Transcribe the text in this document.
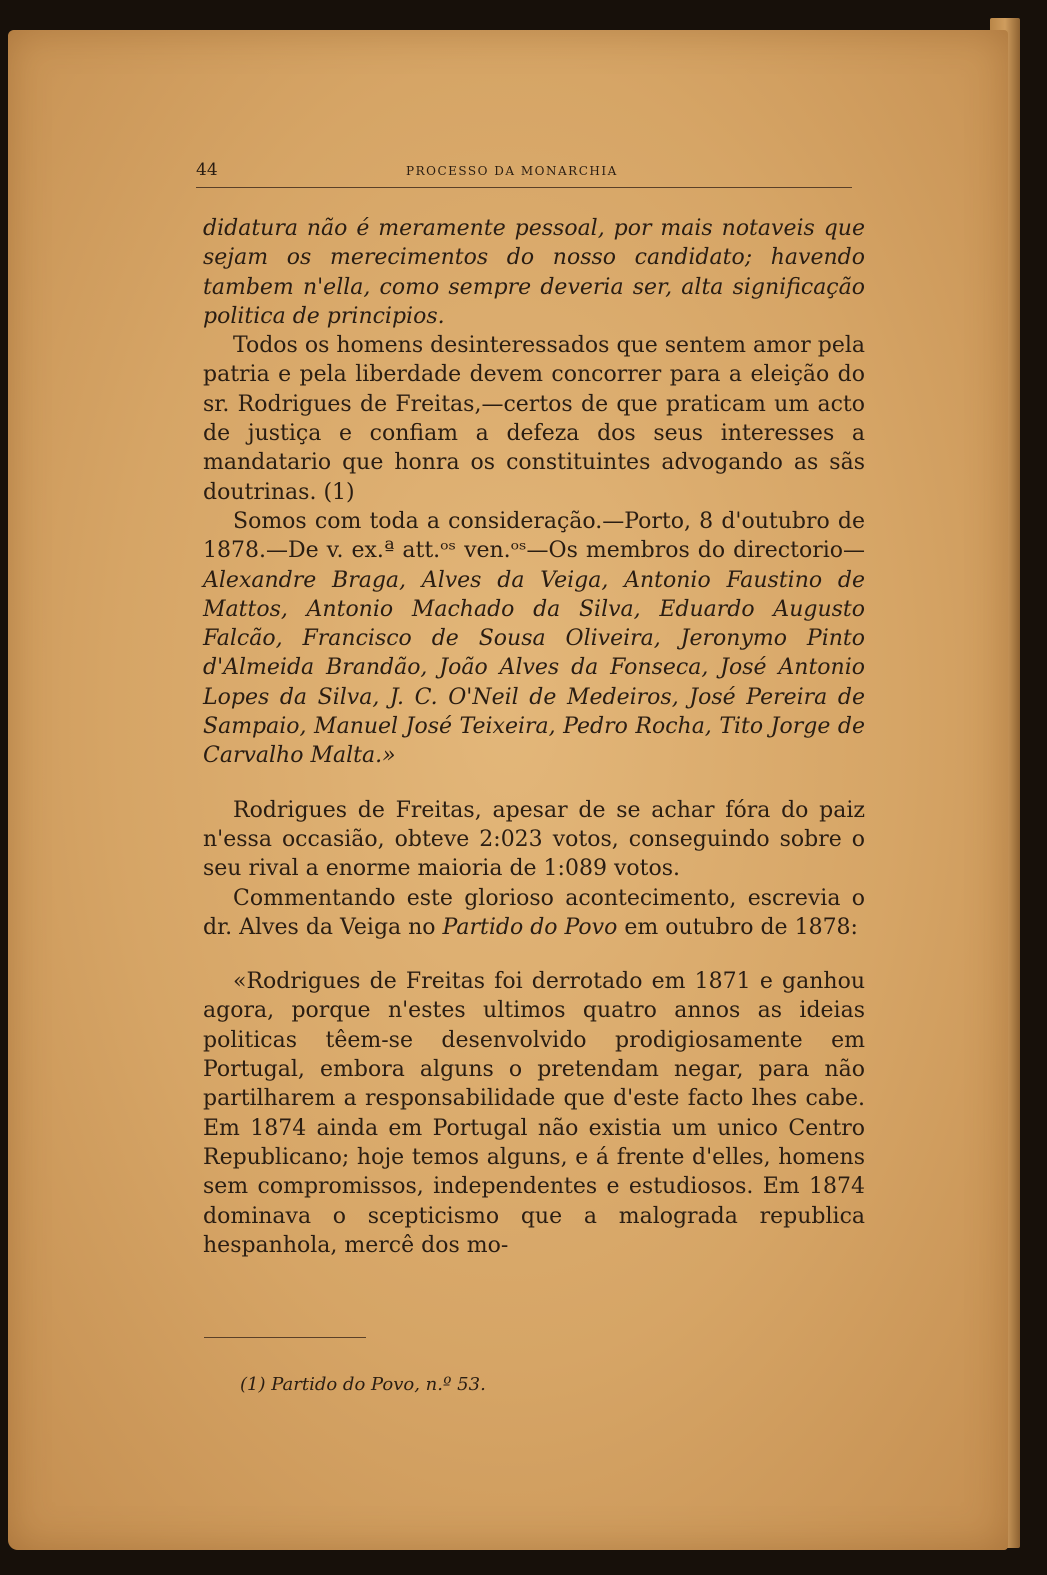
44	PROCESSO DA MONARCHIA

didatura não é meramente pessoal, por mais notaveis que sejam os merecimentos do nosso candidato; havendo tambem n'ella, como sempre deveria ser, alta significação politica de principios.

Todos os homens desinteressados que sentem amor pela patria e pela liberdade devem concorrer para a eleição do sr. Rodrigues de Freitas,—certos de que praticam um acto de justiça e confiam a defeza dos seus interesses a mandatario que honra os constituintes advogando as sãs doutrinas. (1)

Somos com toda a consideração.—Porto, 8 d'outubro de 1878.—De v. ex.ª att.ᵒˢ ven.ᵒˢ—Os membros do directorio—Alexandre Braga, Alves da Veiga, Antonio Faustino de Mattos, Antonio Machado da Silva, Eduardo Augusto Falcão, Francisco de Sousa Oliveira, Jeronymo Pinto d'Almeida Brandão, João Alves da Fonseca, José Antonio Lopes da Silva, J. C. O'Neil de Medeiros, José Pereira de Sampaio, Manuel José Teixeira, Pedro Rocha, Tito Jorge de Carvalho Malta.»

Rodrigues de Freitas, apesar de se achar fóra do paiz n'essa occasião, obteve 2:023 votos, conseguindo sobre o seu rival a enorme maioria de 1:089 votos.

Commentando este glorioso acontecimento, escrevia o dr. Alves da Veiga no Partido do Povo em outubro de 1878:

«Rodrigues de Freitas foi derrotado em 1871 e ganhou agora, porque n'estes ultimos quatro annos as ideias politicas têem-se desenvolvido prodigiosamente em Portugal, embora alguns o pretendam negar, para não partilharem a responsabilidade que d'este facto lhes cabe. Em 1874 ainda em Portugal não existia um unico Centro Republicano; hoje temos alguns, e á frente d'elles, homens sem compromissos, independentes e estudiosos. Em 1874 dominava o scepticismo que a malograda republica hespanhola, mercê dos mo-

(1) Partido do Povo, n.º 53.
